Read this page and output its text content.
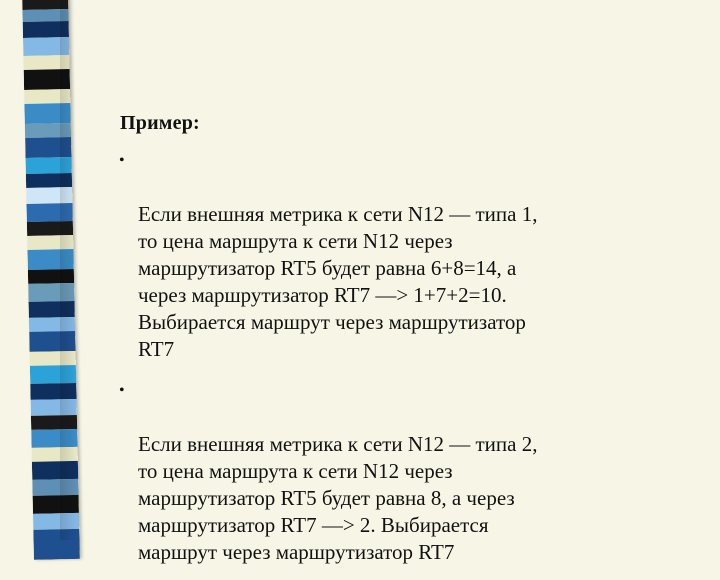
Пример:

•

Если внешняя метрика к сети N12 — типа 1,
то цена маршрута к сети N12 через
маршрутизатор RT5 будет равна 6+8=14, а
через маршрутизатор RT7 —> 1+7+2=10.
Выбирается маршрут через маршрутизатор
RT7

•

Если внешняя метрика к сети N12 — типа 2,
то цена маршрута к сети N12 через
маршрутизатор RT5 будет равна 8, а через
маршрутизатор RT7 —> 2. Выбирается
маршрут через маршрутизатор RT7
